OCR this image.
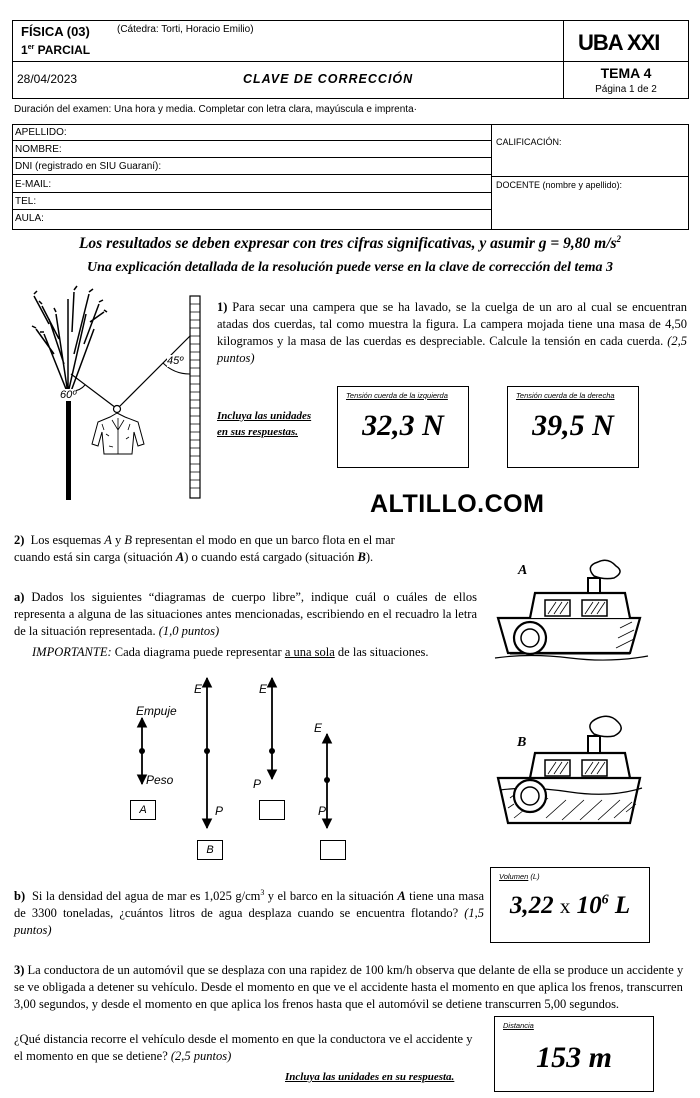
FÍSICA (03)	(Cátedra: Torti, Horacio Emilio)
1er PARCIAL	UBA XXI
28/04/2023	CLAVE DE CORRECCIÓN	TEMA 4
Página 1 de 2
Duración del examen: Una hora y media. Completar con letra clara, mayúscula e imprenta·
APELLIDO:
NOMBRE:
DNI (registrado en SIU Guaraní):
E-MAIL:
TEL:
AULA:
CALIFICACIÓN:
DOCENTE (nombre y apellido):
Los resultados se deben expresar con tres cifras significativas, y asumir g = 9,80 $m/s^2$
Una explicación detallada de la resolución puede verse en la clave de corrección del tema 3
60º
45º
1) Para secar una campera que se ha lavado, se la cuelga de un aro al cual se encuentran atadas dos cuerdas, tal como muestra la figura. La campera mojada tiene una masa de 4,50 kilogramos y la masa de las cuerdas es despreciable. Calcule la tensión en cada cuerda. (2,5 puntos)
Incluya las unidades
en sus respuestas.
Tensión cuerda de la izquierda
32,3 N
Tensión cuerda de la derecha
39,5 N
ALTILLO.COM
2) Los esquemas A y B representan el modo en que un barco flota en el mar
cuando está sin carga (situación A) o cuando está cargado (situación B).
a) Dados los siguientes “diagramas de cuerpo libre”, indique cuál o cuáles de ellos representa a alguna de las situaciones antes mencionadas, escribiendo en el recuadro la letra de la situación representada. (1,0 puntos)
IMPORTANTE: Cada diagrama puede representar a una sola de las situaciones.
A
B
Empuje
Peso
A
E
P
B
E
P
E
P
b) Si la densidad del agua de mar es 1,025 $g/cm^3$ y el barco en la situación A tiene una masa de 3300 toneladas, ¿cuántos litros de agua desplaza cuando se encuentra flotando? (1,5 puntos)
Volumen (L)
3,22 x $10^6$ L
3) La conductora de un automóvil que se desplaza con una rapidez de 100 km/h observa que delante de ella se produce un accidente y se ve obligada a detener su vehículo. Desde el momento en que ve el accidente hasta el momento en que aplica los frenos, transcurren 3,00 segundos, y desde el momento en que aplica los frenos hasta que el automóvil se detiene transcurren 5,00 segundos.
¿Qué distancia recorre el vehículo desde el momento en que la conductora ve el accidente y el momento en que se detiene? (2,5 puntos)
Incluya las unidades en su respuesta.
Distancia
153 m
